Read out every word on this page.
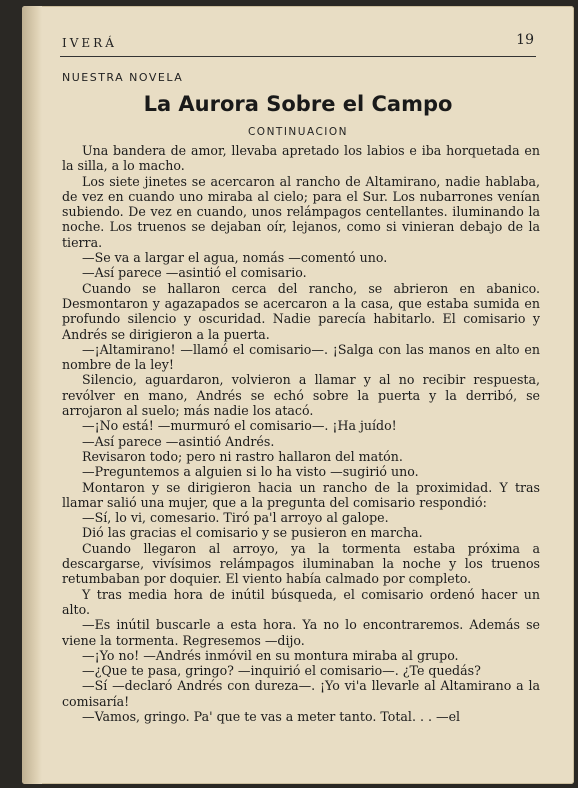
IVERÁ	19
NUESTRA NOVELA
La Aurora Sobre el Campo
CONTINUACION

Una bandera de amor, llevaba apretado los labios e iba horquetada en la silla, a lo macho.

Los siete jinetes se acercaron al rancho de Altamirano, nadie hablaba, de vez en cuando uno miraba al cielo; para el Sur. Los nubarrones venían subiendo. De vez en cuando, unos relámpagos centellantes. iluminando la noche. Los truenos se dejaban oír, lejanos, como si vinieran debajo de la tierra.

—Se va a largar el agua, nomás —comentó uno.

—Así parece —asintió el comisario.

Cuando se hallaron cerca del rancho, se abrieron en abanico. Desmontaron y agazapados se acercaron a la casa, que estaba sumida en profundo silencio y oscuridad. Nadie parecía habitarlo. El comisario y Andrés se dirigieron a la puerta.

—¡Altamirano! —llamó el comisario—. ¡Salga con las manos en alto en nombre de la ley!

Silencio, aguardaron, volvieron a llamar y al no recibir respuesta, revólver en mano, Andrés se echó sobre la puerta y la derribó, se arrojaron al suelo; más nadie los atacó.

—¡No está! —murmuró el comisario—. ¡Ha juído!

—Así parece —asintió Andrés.

Revisaron todo; pero ni rastro hallaron del matón.

—Preguntemos a alguien si lo ha visto —sugirió uno.

Montaron y se dirigieron hacia un rancho de la proximidad. Y tras llamar salió una mujer, que a la pregunta del comisario respondió:

—Sí, lo vi, comesario. Tiró pa'l arroyo al galope.

Dió las gracias el comisario y se pusieron en marcha.

Cuando llegaron al arroyo, ya la tormenta estaba próxima a descargarse, vivísimos relámpagos iluminaban la noche y los truenos retumbaban por doquier. El viento había calmado por completo.

Y tras media hora de inútil búsqueda, el comisario ordenó hacer un alto.

—Es inútil buscarle a esta hora. Ya no lo encontraremos. Además se viene la tormenta. Regresemos —dijo.

—¡Yo no! —Andrés inmóvil en su montura miraba al grupo.

—¿Que te pasa, gringo? —inquirió el comisario—. ¿Te quedás?

—Sí —declaró Andrés con dureza—. ¡Yo vi'a llevarle al Altamirano a la comisaría!

—Vamos, gringo. Pa' que te vas a meter tanto. Total. . . —el
